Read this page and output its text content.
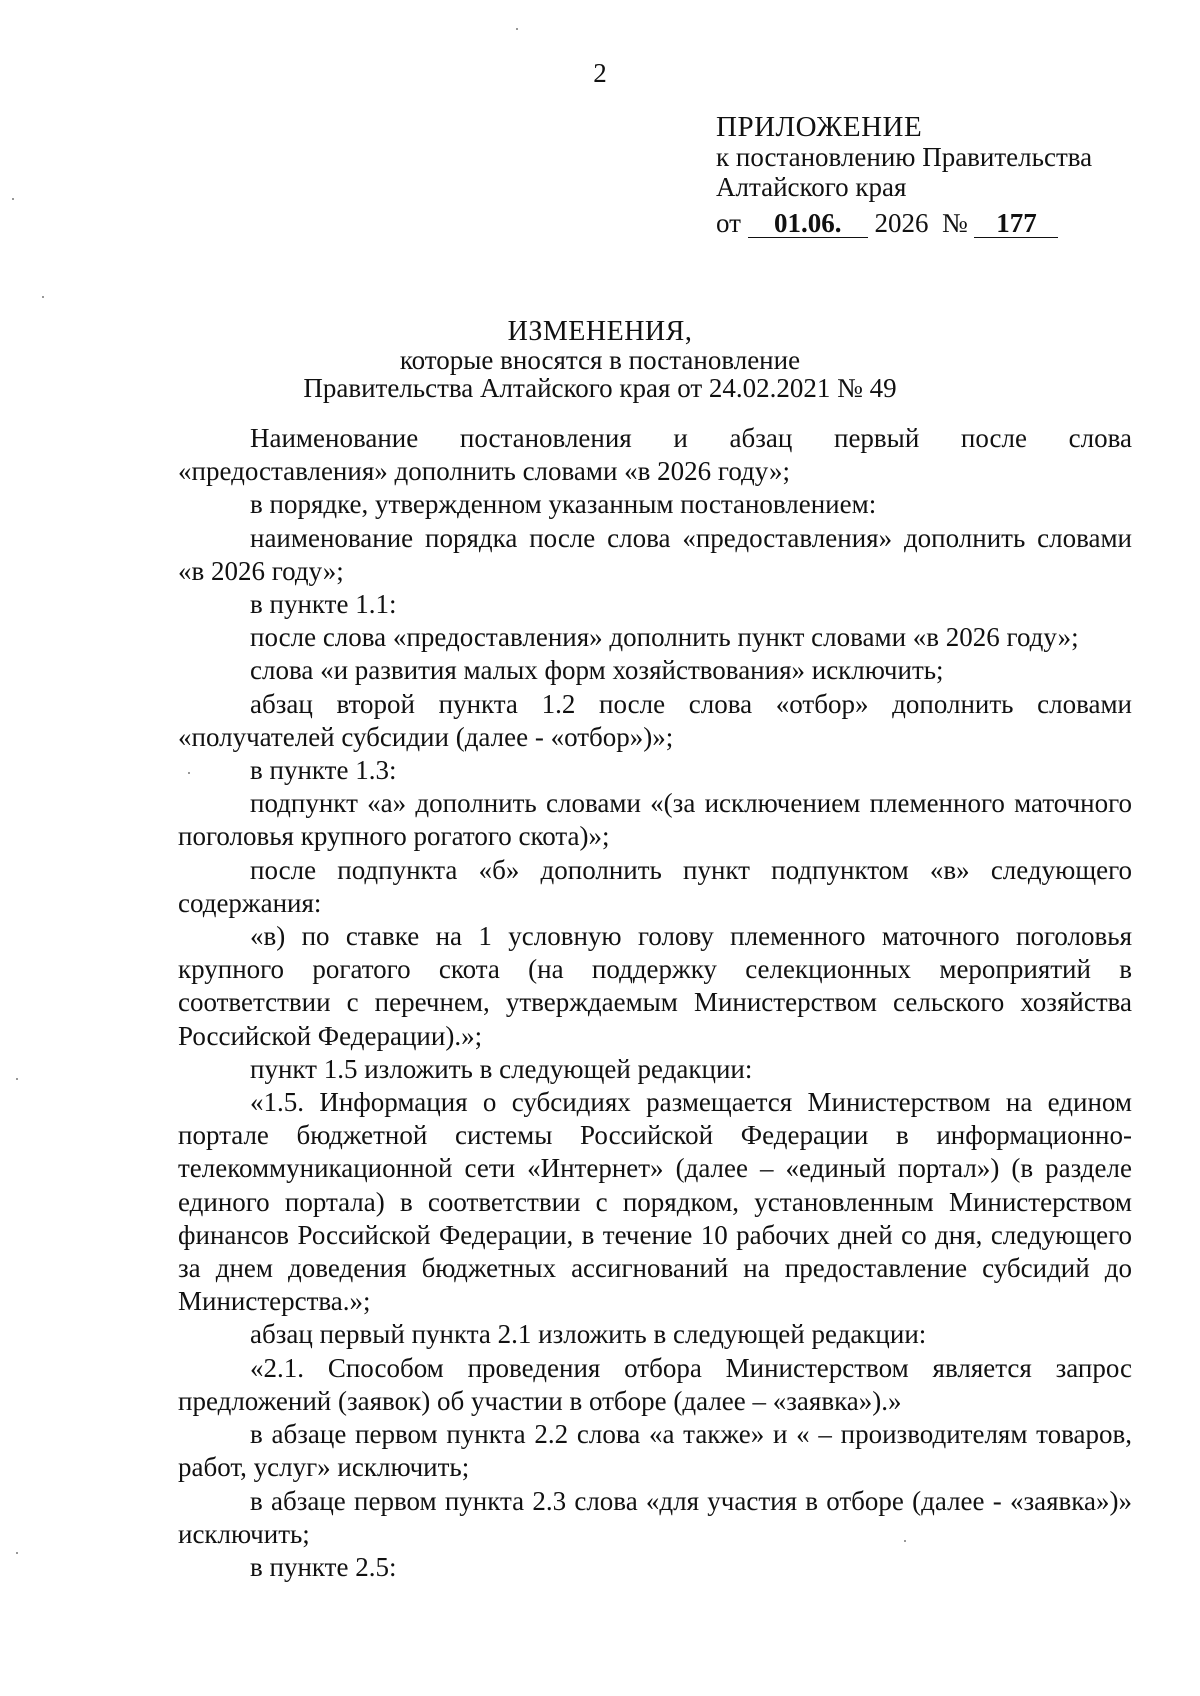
2
ПРИЛОЖЕНИЕ
к постановлению Правительства
Алтайского края
от 01.06. 2026 № 177
ИЗМЕНЕНИЯ,
которые вносятся в постановление
Правительства Алтайского края от 24.02.2021 № 49

Наименование постановления и абзац первый после слова «предоставления» дополнить словами «в 2026 году»;

в порядке, утвержденном указанным постановлением:

наименование порядка после слова «предоставления» дополнить словами «в 2026 году»;

в пункте 1.1:

после слова «предоставления» дополнить пункт словами «в 2026 году»;

слова «и развития малых форм хозяйствования» исключить;

абзац второй пункта 1.2 после слова «отбор» дополнить словами «получателей субсидии (далее - «отбор»)»;

в пункте 1.3:

подпункт «а» дополнить словами «(за исключением племенного маточного поголовья крупного рогатого скота)»;

после подпункта «б» дополнить пункт подпунктом «в» следующего содержания:

«в) по ставке на 1 условную голову племенного маточного поголовья крупного рогатого скота (на поддержку селекционных мероприятий в соответствии с перечнем, утверждаемым Министерством сельского хозяйства Российской Федерации).»;

пункт 1.5 изложить в следующей редакции:

«1.5. Информация о субсидиях размещается Министерством на едином портале бюджетной системы Российской Федерации в информационно-телекоммуникационной сети «Интернет» (далее – «единый портал») (в разделе единого портала) в соответствии с порядком, установленным Министерством финансов Российской Федерации, в течение 10 рабочих дней со дня, следующего за днем доведения бюджетных ассигнований на предоставление субсидий до Министерства.»;

абзац первый пункта 2.1 изложить в следующей редакции:

«2.1. Способом проведения отбора Министерством является запрос предложений (заявок) об участии в отборе (далее – «заявка»).»

в абзаце первом пункта 2.2 слова «а также» и « – производителям товаров, работ, услуг» исключить;

в абзаце первом пункта 2.3 слова «для участия в отборе (далее - «заявка»)» исключить;

в пункте 2.5:
